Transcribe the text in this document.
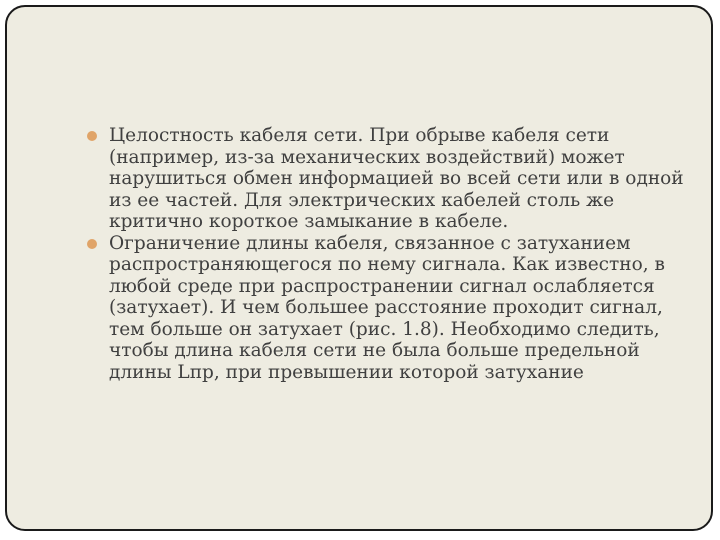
Целостность кабеля сети. При обрыве кабеля сети (например, из-за механических воздействий) может нарушиться обмен информацией во всей сети или в одной из ее частей. Для электрических кабелей столь же критично короткое замыкание в кабеле.
Ограничение длины кабеля, связанное с затуханием распространяющегося по нему сигнала. Как известно, в любой среде при распространении сигнал ослабляется (затухает). И чем большее расстояние проходит сигнал, тем больше он затухает (рис. 1.8). Необходимо следить, чтобы длина кабеля сети не была больше предельной длины Lпр, при превышении которой затухание
